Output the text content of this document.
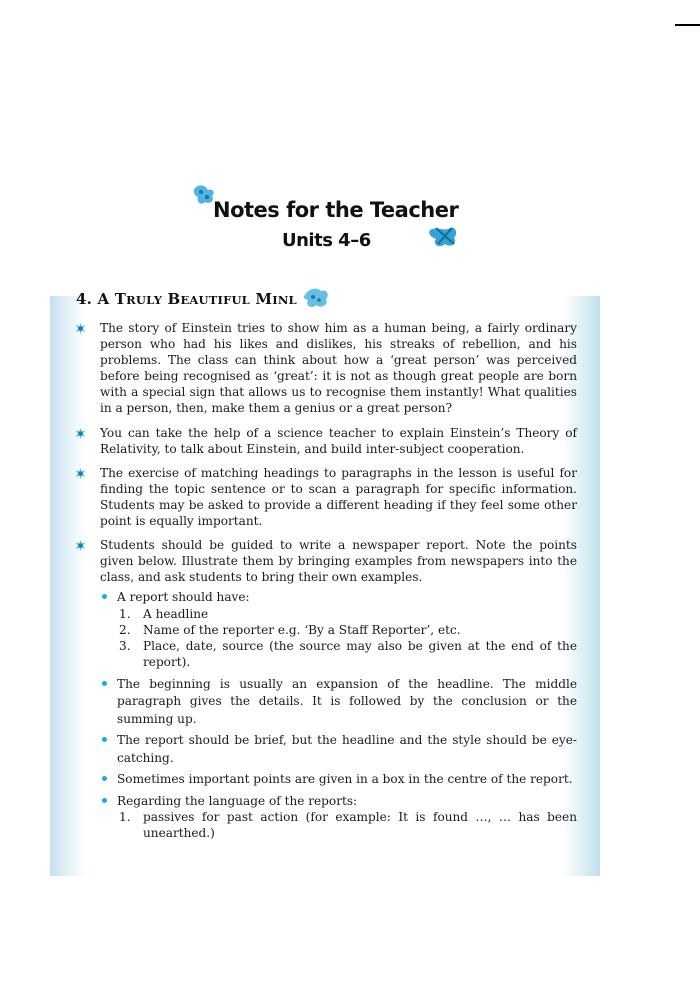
Notes for the Teacher
Units 4–6
4. A TRULY BEAUTIFUL MINL
The story of Einstein tries to show him as a human being, a fairly ordinary person who had his likes and dislikes, his streaks of rebellion, and his problems. The class can think about how a ‘great person’ was perceived before being recognised as ‘great’: it is not as though great people are born with a special sign that allows us to recognise them instantly! What qualities in a person, then, make them a genius or a great person?
You can take the help of a science teacher to explain Einstein’s Theory of Relativity, to talk about Einstein, and build inter-subject cooperation.
The exercise of matching headings to paragraphs in the lesson is useful for finding the topic sentence or to scan a paragraph for specific information. Students may be asked to provide a different heading if they feel some other point is equally important.
Students should be guided to write a newspaper report. Note the points given below. Illustrate them by bringing examples from newspapers into the class, and ask students to bring their own examples.
A report should have:
1. A headline
2. Name of the reporter e.g. ‘By a Staff Reporter’, etc.
3. Place, date, source (the source may also be given at the end of the report).
The beginning is usually an expansion of the headline. The middle paragraph gives the details. It is followed by the conclusion or the summing up.
The report should be brief, but the headline and the style should be eye-catching.
Sometimes important points are given in a box in the centre of the report.
Regarding the language of the reports:
1. passives for past action (for example: It is found …, … has been unearthed.)
